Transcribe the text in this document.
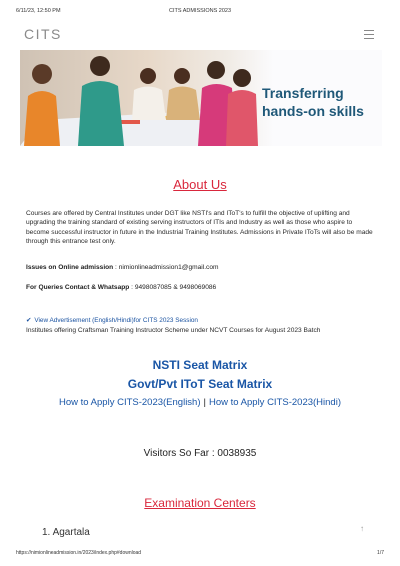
6/11/23, 12:50 PM	CITS ADMISSIONS 2023
CITS
Transferring
hands-on skills
About Us

Courses are offered by Central Institutes under DGT like NSTI's and IToT's to fulfill the objective of uplifting and upgrading the training standard of existing serving instructors of ITIs and Industry as well as those who aspire to become successful instructor in future in the Industrial Training Institutes. Admissions in Private IToTs will also be made through this entrance test only.

Issues on Online admission : nimionlineadmission1@gmail.com
For Queries Contact & Whatsapp : 9498087085 & 9498069086
✔ View Advertisement (English/Hindi)for CITS 2023 Session

Institutes offering Craftsman Training Instructor Scheme under NCVT Courses for August 2023 Batch

NSTI Seat Matrix
Govt/Pvt IToT Seat Matrix
How to Apply CITS-2023(English) | How to Apply CITS-2023(Hindi)
Visitors So Far : 0038935
Examination Centers
1. Agartala	↑
https://nimionlineadmission.in/2023/index.php#download	1/7
